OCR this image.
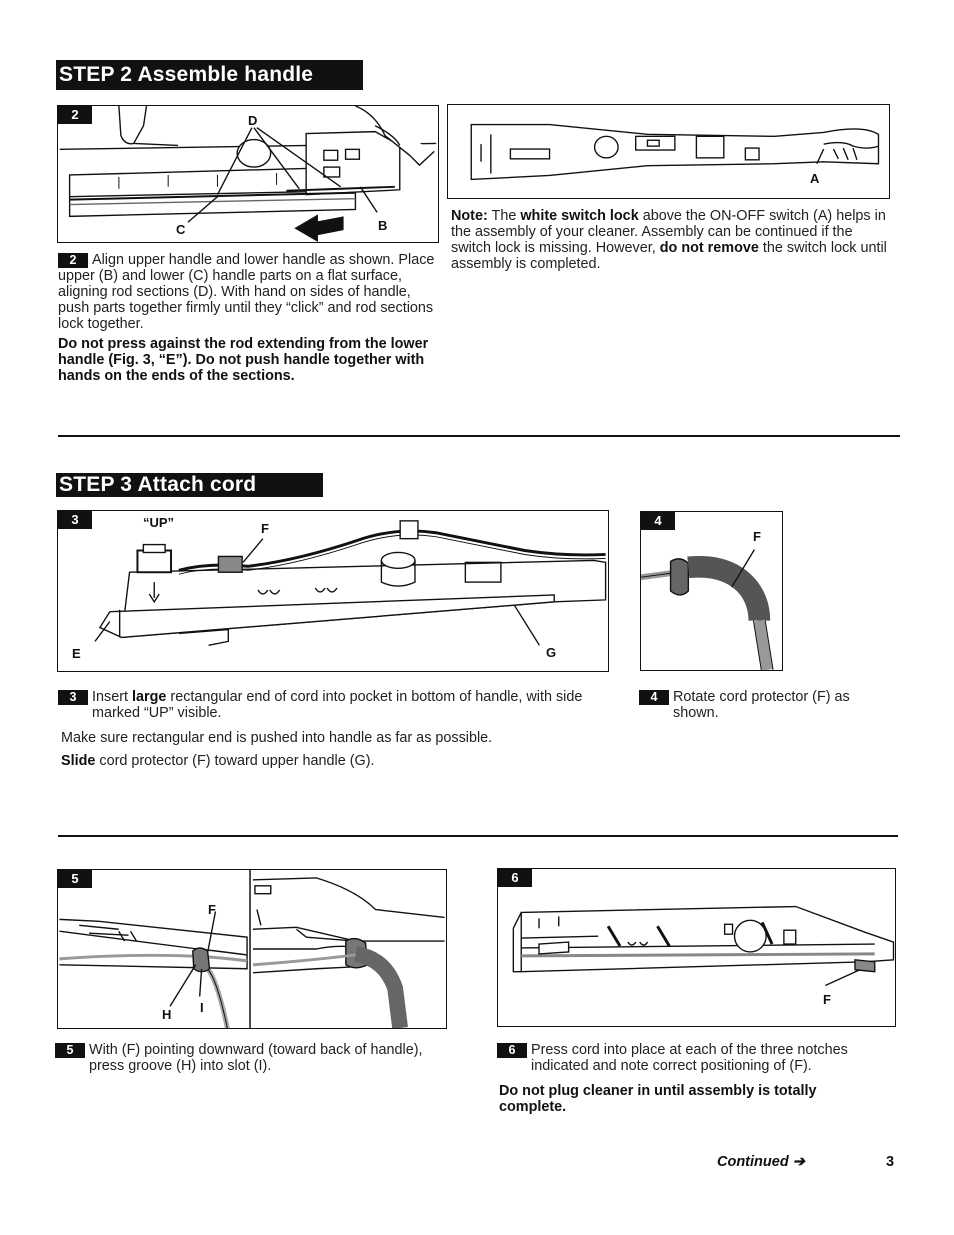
STEP 2 Assemble handle
2	D
C	B
A
2	Align upper handle and lower handle as shown. Place upper (B) and lower (C) handle parts on a flat surface, aligning rod sections (D). With hand on sides of handle, push parts together firmly until they “click” and rod sections lock together.
Do not press against the rod extending from the lower handle (Fig. 3, “E”). Do not push handle together with hands on the ends of the sections.
Note: The white switch lock above the ON-OFF switch (A) helps in the assembly of your cleaner. Assembly can be continued if the switch lock is missing. However, do not remove the switch lock until assembly is completed.
STEP 3 Attach cord
3	“UP”	F
E	G
4
F
3	Insert large rectangular end of cord into pocket in bottom of handle, with side marked “UP” visible.
Make sure rectangular end is pushed into handle as far as possible.
Slide cord protector (F) toward upper handle (G).
4	Rotate cord protector (F) as shown.
5
F
H I
5	With (F) pointing downward (toward back of handle), press groove (H) into slot (I).
6
F
6	Press cord into place at each of the three notches indicated and note correct positioning of (F).
Do not plug cleaner in until assembly is totally complete.
Continued ➔	3
